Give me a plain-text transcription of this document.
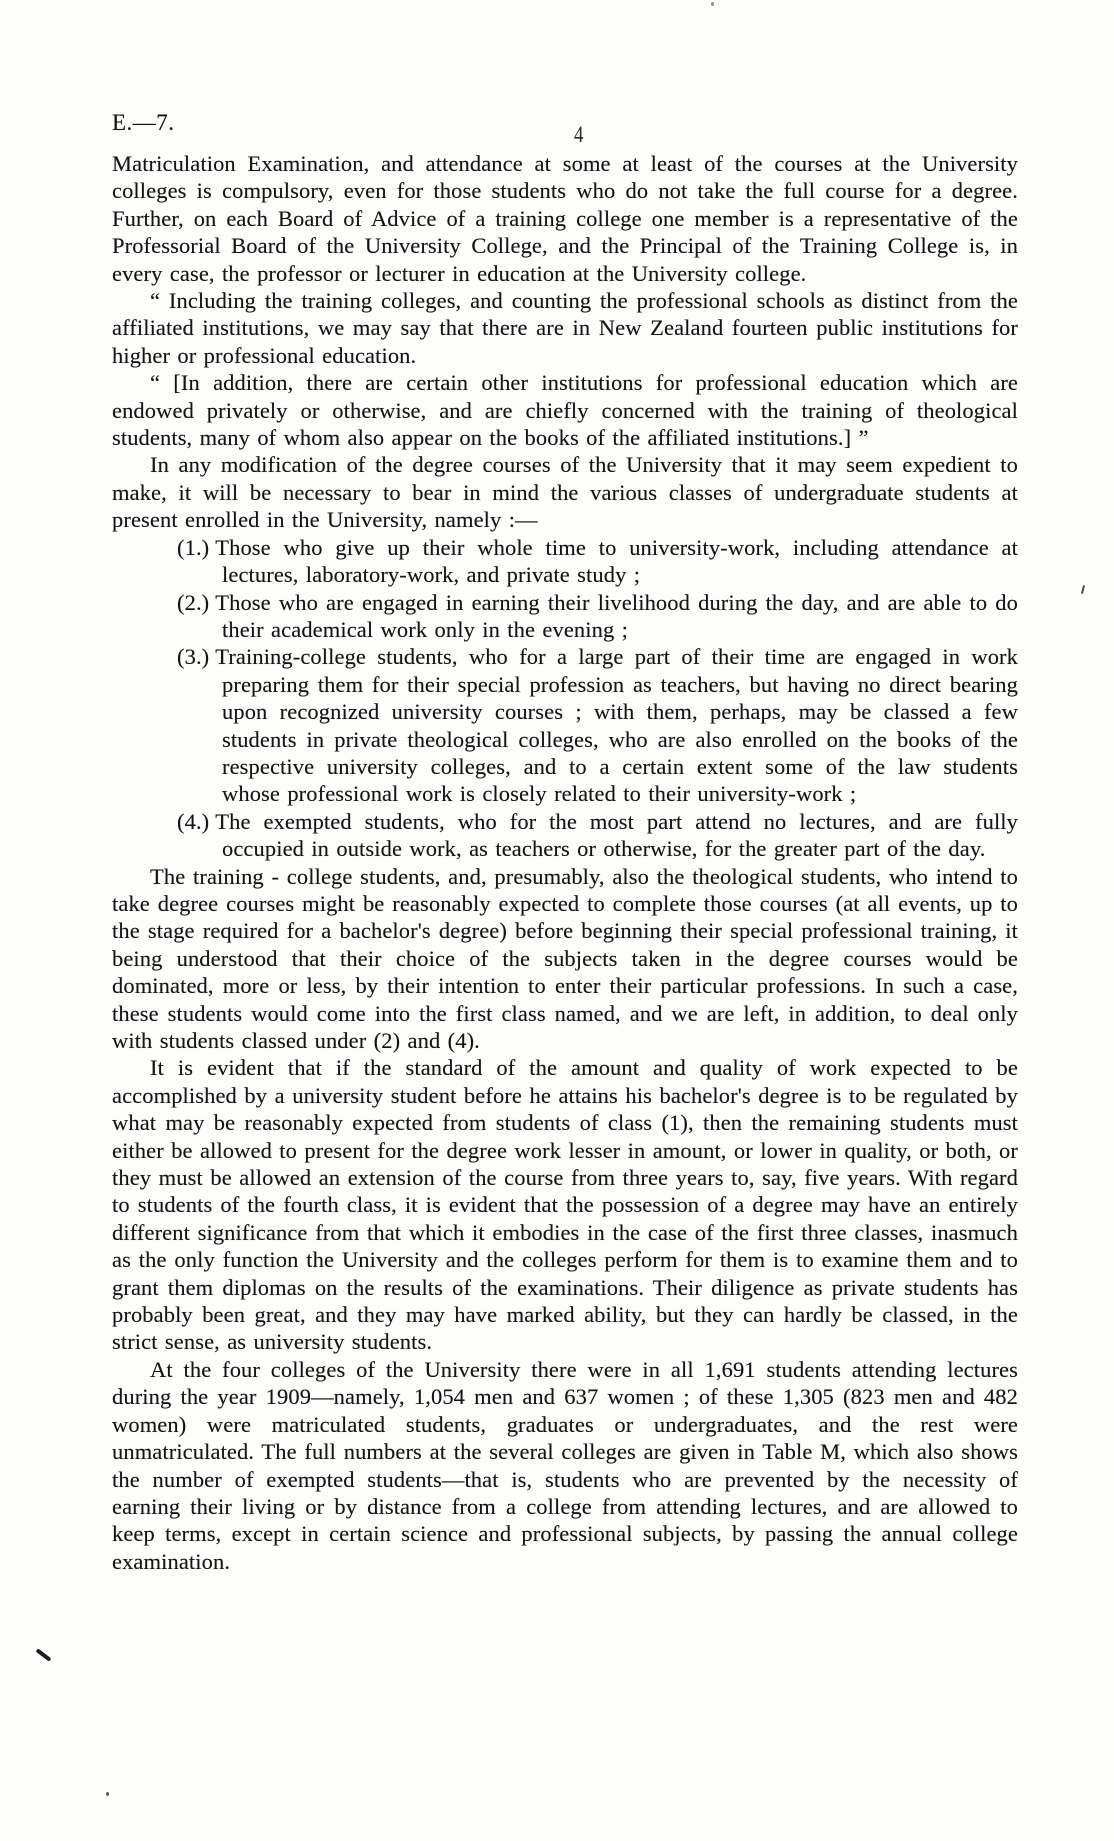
E.—7.	4

Matriculation Examination, and attendance at some at least of the courses at the University colleges is compulsory, even for those students who do not take the full course for a degree. Further, on each Board of Advice of a training college one member is a representative of the Professorial Board of the University College, and the Principal of the Training College is, in every case, the professor or lecturer in education at the University college.

“ Including the training colleges, and counting the professional schools as distinct from the affiliated institutions, we may say that there are in New Zealand fourteen public institutions for higher or professional education.

“ [In addition, there are certain other institutions for professional education which are endowed privately or otherwise, and are chiefly concerned with the training of theological students, many of whom also appear on the books of the affiliated institutions.] ”

In any modification of the degree courses of the University that it may seem expedient to make, it will be necessary to bear in mind the various classes of undergraduate students at present enrolled in the University, namely :—

(1.) Those who give up their whole time to university-work, including attendance at lectures, laboratory-work, and private study ;

(2.) Those who are engaged in earning their livelihood during the day, and are able to do their academical work only in the evening ;

(3.) Training-college students, who for a large part of their time are engaged in work preparing them for their special profession as teachers, but having no direct bearing upon recognized university courses ; with them, perhaps, may be classed a few students in private theological colleges, who are also enrolled on the books of the respective university colleges, and to a certain extent some of the law students whose professional work is closely related to their university-work ;

(4.) The exempted students, who for the most part attend no lectures, and are fully occupied in outside work, as teachers or otherwise, for the greater part of the day.

The training - college students, and, presumably, also the theological students, who intend to take degree courses might be reasonably expected to complete those courses (at all events, up to the stage required for a bachelor's degree) before beginning their special professional training, it being understood that their choice of the subjects taken in the degree courses would be dominated, more or less, by their intention to enter their particular professions. In such a case, these students would come into the first class named, and we are left, in addition, to deal only with students classed under (2) and (4).

It is evident that if the standard of the amount and quality of work expected to be accomplished by a university student before he attains his bachelor's degree is to be regulated by what may be reasonably expected from students of class (1), then the remaining students must either be allowed to present for the degree work lesser in amount, or lower in quality, or both, or they must be allowed an extension of the course from three years to, say, five years. With regard to students of the fourth class, it is evident that the possession of a degree may have an entirely different significance from that which it embodies in the case of the first three classes, inasmuch as the only function the University and the colleges perform for them is to examine them and to grant them diplomas on the results of the examinations. Their diligence as private students has probably been great, and they may have marked ability, but they can hardly be classed, in the strict sense, as university students.

At the four colleges of the University there were in all 1,691 students attending lectures during the year 1909—namely, 1,054 men and 637 women ; of these 1,305 (823 men and 482 women) were matriculated students, graduates or undergraduates, and the rest were unmatriculated. The full numbers at the several colleges are given in Table M, which also shows the number of exempted students—that is, students who are prevented by the necessity of earning their living or by distance from a college from attending lectures, and are allowed to keep terms, except in certain science and professional subjects, by passing the annual college examination.
